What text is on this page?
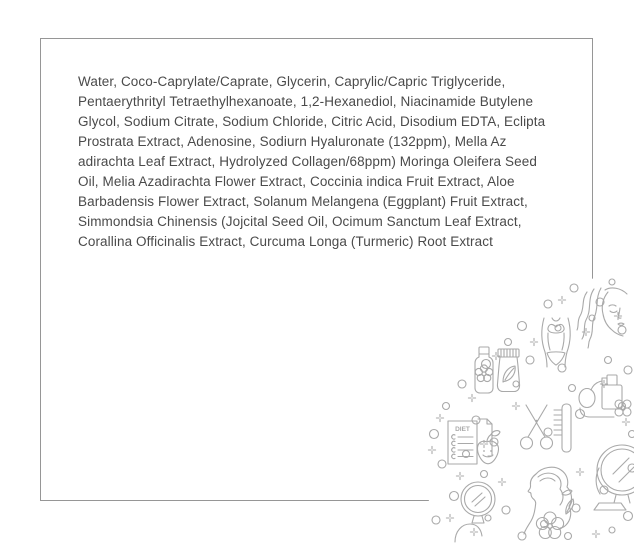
Water, Coco-Caprylate/Caprate, Glycerin, Caprylic/Capric Triglyceride,
Pentaerythrityl Tetraethylhexanoate, 1,2-Hexanediol, Niacinamide Butylene
Glycol, Sodium Citrate, Sodium Chloride, Citric Acid, Disodium EDTA, Eclipta
Prostrata Extract, Adenosine, Sodiurn Hyaluronate (132ppm), Mella Az
adirachta Leaf Extract, Hydrolyzed Collagen/68ppm) Moringa Oleifera Seed
Oil, Melia Azadirachta Flower Extract, Coccinia indica Fruit Extract, Aloe
Barbadensis Flower Extract, Solanum Melangena (Eggplant) Fruit Extract,
Simmondsia Chinensis (Jojcital Seed Oil, Ocimum Sanctum Leaf Extract,
Corallina Officinalis Extract, Curcuma Longa (Turmeric) Root Extract
DIET
